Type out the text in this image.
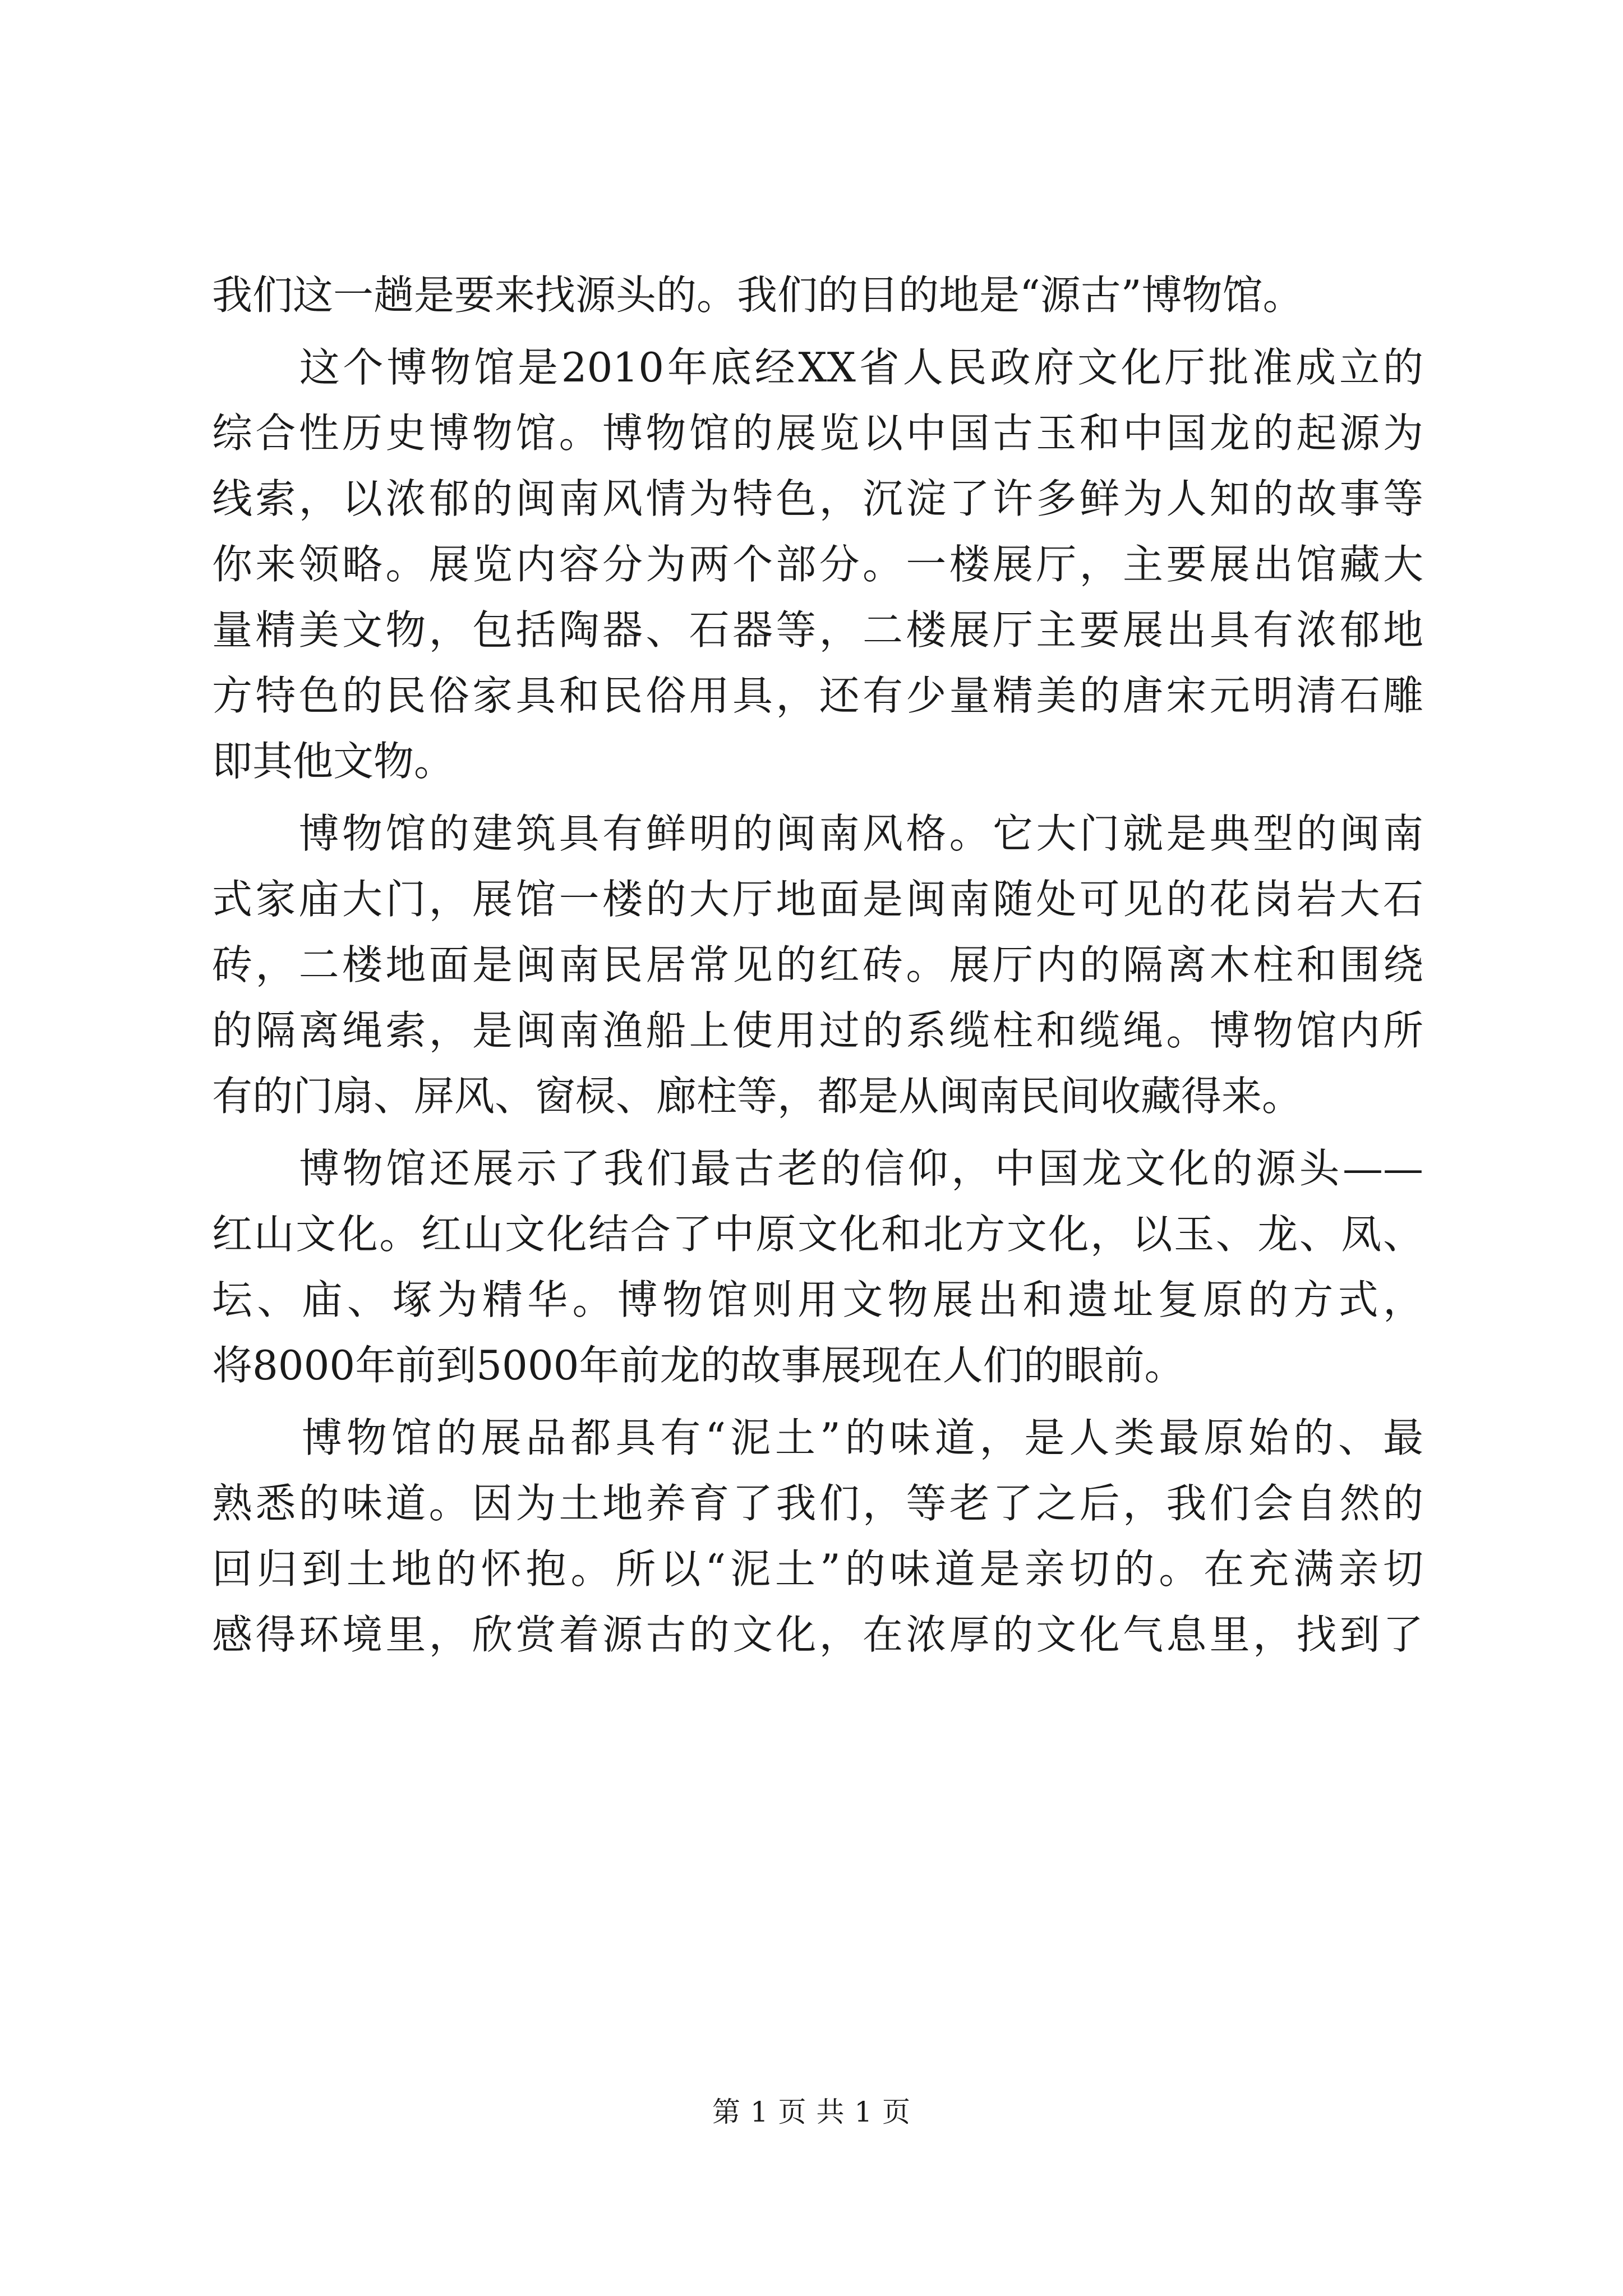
我们这一趟是要来找源头的。我们的目的地是“源古”博物馆。
　　这个博物馆是2010年底经XX省人民政府文化厅批准成立的
综合性历史博物馆。博物馆的展览以中国古玉和中国龙的起源为
线索，以浓郁的闽南风情为特色，沉淀了许多鲜为人知的故事等
你来领略。展览内容分为两个部分。一楼展厅，主要展出馆藏大
量精美文物，包括陶器、石器等，二楼展厅主要展出具有浓郁地
方特色的民俗家具和民俗用具，还有少量精美的唐宋元明清石雕
即其他文物。
　　博物馆的建筑具有鲜明的闽南风格。它大门就是典型的闽南
式家庙大门，展馆一楼的大厅地面是闽南随处可见的花岗岩大石
砖，二楼地面是闽南民居常见的红砖。展厅内的隔离木柱和围绕
的隔离绳索，是闽南渔船上使用过的系缆柱和缆绳。博物馆内所
有的门扇、屏风、窗棂、廊柱等，都是从闽南民间收藏得来。
　　博物馆还展示了我们最古老的信仰，中国龙文化的源头——
红山文化。红山文化结合了中原文化和北方文化，以玉、龙、凤、
坛、庙、塚为精华。博物馆则用文物展出和遗址复原的方式，
将8000年前到5000年前龙的故事展现在人们的眼前。
　　博物馆的展品都具有“泥土”的味道，是人类最原始的、最
熟悉的味道。因为土地养育了我们，等老了之后，我们会自然的
回归到土地的怀抱。所以“泥土”的味道是亲切的。在充满亲切
感得环境里，欣赏着源古的文化，在浓厚的文化气息里，找到了
第 1 页 共 1 页
